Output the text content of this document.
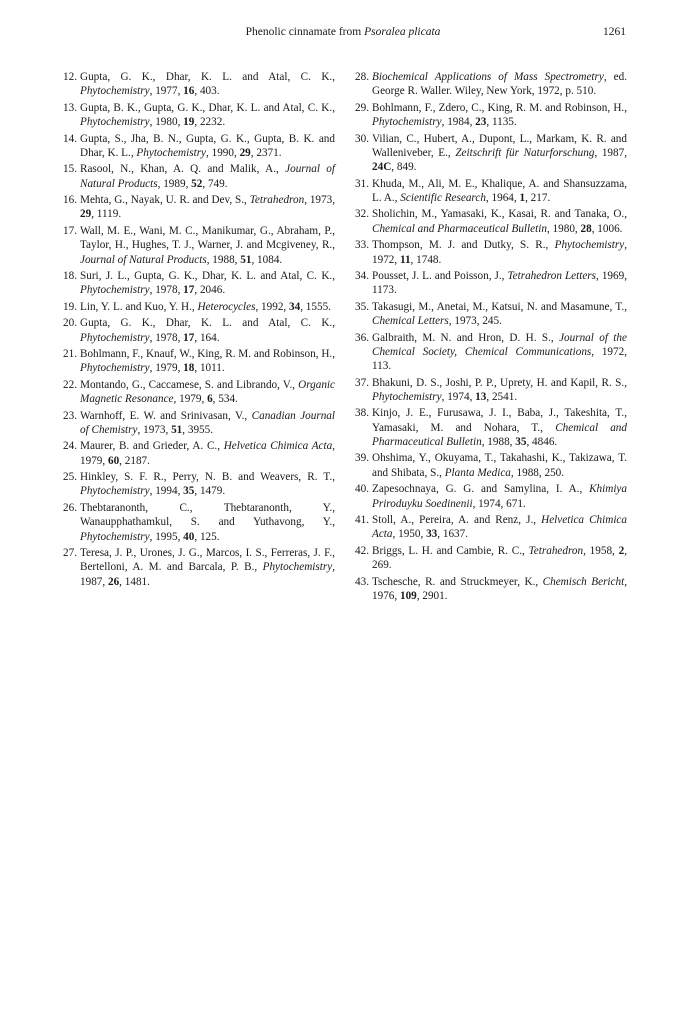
Phenolic cinnamate from Psoralea plicata	1261
12. Gupta, G. K., Dhar, K. L. and Atal, C. K., Phytochemistry, 1977, 16, 403.
13. Gupta, B. K., Gupta, G. K., Dhar, K. L. and Atal, C. K., Phytochemistry, 1980, 19, 2232.
14. Gupta, S., Jha, B. N., Gupta, G. K., Gupta, B. K. and Dhar, K. L., Phytochemistry, 1990, 29, 2371.
15. Rasool, N., Khan, A. Q. and Malik, A., Journal of Natural Products, 1989, 52, 749.
16. Mehta, G., Nayak, U. R. and Dev, S., Tetrahedron, 1973, 29, 1119.
17. Wall, M. E., Wani, M. C., Manikumar, G., Abraham, P., Taylor, H., Hughes, T. J., Warner, J. and Mcgiveney, R., Journal of Natural Products, 1988, 51, 1084.
18. Suri, J. L., Gupta, G. K., Dhar, K. L. and Atal, C. K., Phytochemistry, 1978, 17, 2046.
19. Lin, Y. L. and Kuo, Y. H., Heterocycles, 1992, 34, 1555.
20. Gupta, G. K., Dhar, K. L. and Atal, C. K., Phytochemistry, 1978, 17, 164.
21. Bohlmann, F., Knauf, W., King, R. M. and Robinson, H., Phytochemistry, 1979, 18, 1011.
22. Montando, G., Caccamese, S. and Librando, V., Organic Magnetic Resonance, 1979, 6, 534.
23. Warnhoff, E. W. and Srinivasan, V., Canadian Journal of Chemistry, 1973, 51, 3955.
24. Maurer, B. and Grieder, A. C., Helvetica Chimica Acta, 1979, 60, 2187.
25. Hinkley, S. F. R., Perry, N. B. and Weavers, R. T., Phytochemistry, 1994, 35, 1479.
26. Thebtaranonth, C., Thebtaranonth, Y., Wanaupphathamkul, S. and Yuthavong, Y., Phytochemistry, 1995, 40, 125.
27. Teresa, J. P., Urones, J. G., Marcos, I. S., Ferreras, J. F., Bertelloni, A. M. and Barcala, P. B., Phytochemistry, 1987, 26, 1481.
28. Biochemical Applications of Mass Spectrometry, ed. George R. Waller. Wiley, New York, 1972, p. 510.
29. Bohlmann, F., Zdero, C., King, R. M. and Robinson, H., Phytochemistry, 1984, 23, 1135.
30. Vilian, C., Hubert, A., Dupont, L., Markam, K. R. and Walleniveber, E., Zeitschrift für Naturforschung, 1987, 24C, 849.
31. Khuda, M., Ali, M. E., Khalique, A. and Shansuzzama, L. A., Scientific Research, 1964, 1, 217.
32. Sholichin, M., Yamasaki, K., Kasai, R. and Tanaka, O., Chemical and Pharmaceutical Bulletin, 1980, 28, 1006.
33. Thompson, M. J. and Dutky, S. R., Phytochemistry, 1972, 11, 1748.
34. Pousset, J. L. and Poisson, J., Tetrahedron Letters, 1969, 1173.
35. Takasugi, M., Anetai, M., Katsui, N. and Masamune, T., Chemical Letters, 1973, 245.
36. Galbraith, M. N. and Hron, D. H. S., Journal of the Chemical Society, Chemical Communications, 1972, 113.
37. Bhakuni, D. S., Joshi, P. P., Uprety, H. and Kapil, R. S., Phytochemistry, 1974, 13, 2541.
38. Kinjo, J. E., Furusawa, J. I., Baba, J., Takeshita, T., Yamasaki, M. and Nohara, T., Chemical and Pharmaceutical Bulletin, 1988, 35, 4846.
39. Ohshima, Y., Okuyama, T., Takahashi, K., Takizawa, T. and Shibata, S., Planta Medica, 1988, 250.
40. Zapesochnaya, G. G. and Samylina, I. A., Khimiya Priroduyku Soedinenii, 1974, 671.
41. Stoll, A., Pereira, A. and Renz, J., Helvetica Chimica Acta, 1950, 33, 1637.
42. Briggs, L. H. and Cambie, R. C., Tetrahedron, 1958, 2, 269.
43. Tschesche, R. and Struckmeyer, K., Chemisch Bericht, 1976, 109, 2901.
